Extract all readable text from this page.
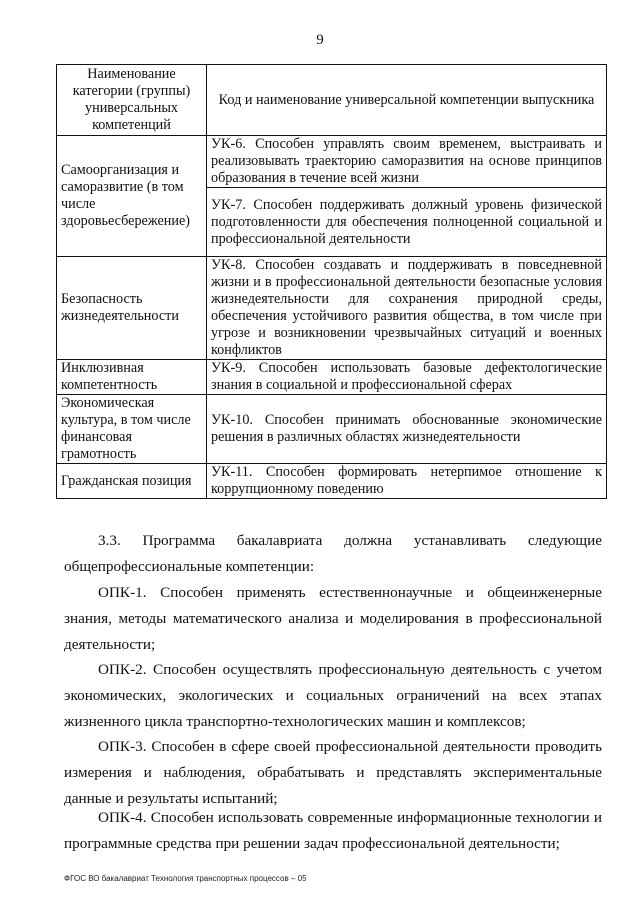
9
Наименование категории (группы) универсальных компетенций	Код и наименование универсальной компетенции выпускника
Самоорганизация и саморазвитие (в том числе здоровьесбережение)	УК-6. Способен управлять своим временем, выстраивать и реализовывать траекторию саморазвития на основе принципов образования в течение всей жизни
	УК-7. Способен поддерживать должный уровень физической подготовленности для обеспечения полноценной социальной и профессиональной деятельности
Безопасность жизнедеятельности	УК-8. Способен создавать и поддерживать в повседневной жизни и в профессиональной деятельности безопасные условия жизнедеятельности для сохранения природной среды, обеспечения устойчивого развития общества, в том числе при угрозе и возникновении чрезвычайных ситуаций и военных конфликтов
Инклюзивная компетентность	УК-9. Способен использовать базовые дефектологические знания в социальной и профессиональной сферах
Экономическая культура, в том числе финансовая грамотность	УК-10. Способен принимать обоснованные экономические решения в различных областях жизнедеятельности
Гражданская позиция	УК-11. Способен формировать нетерпимое отношение к коррупционному поведению

3.3. Программа бакалавриата должна устанавливать следующие общепрофессиональные компетенции:

ОПК-1. Способен применять естественнонаучные и общеинженерные знания, методы математического анализа и моделирования в профессиональной деятельности;

ОПК-2. Способен осуществлять профессиональную деятельность с учетом экономических, экологических и социальных ограничений на всех этапах жизненного цикла транспортно-технологических машин и комплексов;

ОПК-3. Способен в сфере своей профессиональной деятельности проводить измерения и наблюдения, обрабатывать и представлять экспериментальные данные и результаты испытаний;

ОПК-4. Способен использовать современные информационные технологии и программные средства при решении задач профессиональной деятельности;

ФГОС ВО бакалавриат Технология транспортных процессов – 05
